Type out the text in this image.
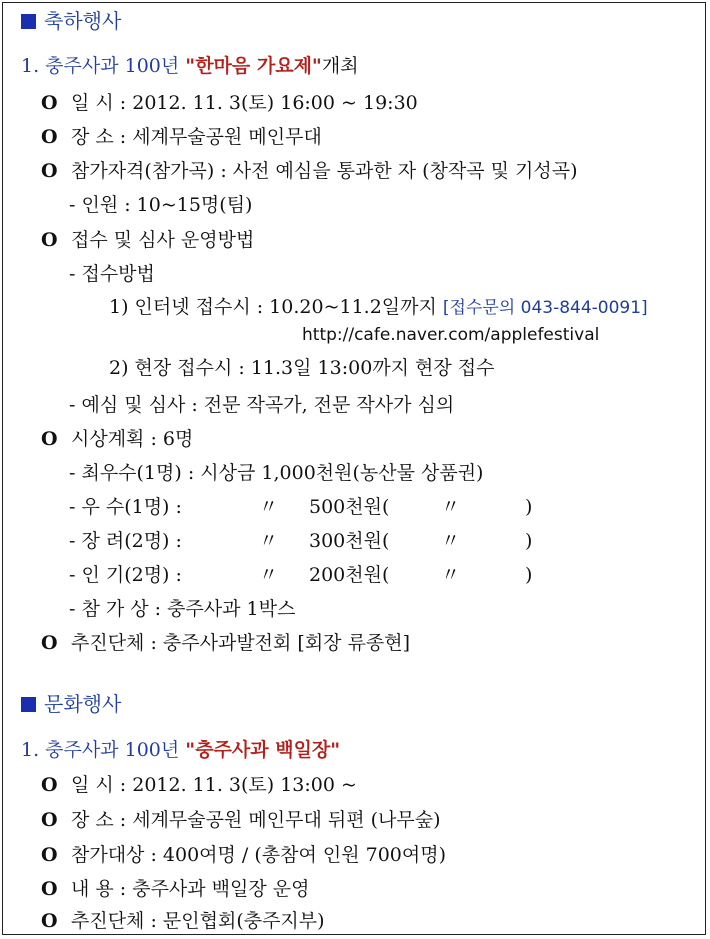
축하행사
1. 충주사과 100년 "한마음 가요제"개최
O 일 시 : 2012. 11. 3(토) 16:00 ~ 19:30
O 장 소 : 세계무술공원 메인무대
O 참가자격(참가곡) : 사전 예심을 통과한 자 (창작곡 및 기성곡)
- 인원 : 10~15명(팀)
O 접수 및 심사 운영방법
- 접수방법
1) 인터넷 접수시 : 10.20~11.2일까지 [접수문의 043-844-0091]
http://cafe.naver.com/applefestival
2) 현장 접수시 : 11.3일 13:00까지 현장 접수
- 예심 및 심사 : 전문 작곡가, 전문 작사가 심의
O 시상계획 : 6명
- 최우수(1명) : 시상금 1,000천원(농산물 상품권)
- 우 수(1명) :	〃 500천원(	〃	)
- 장 려(2명) :	〃 300천원(	〃	)
- 인 기(2명) :	〃 200천원(	〃	)
- 참 가 상 : 충주사과 1박스
O 추진단체 : 충주사과발전회 [회장 류종현]
문화행사
1. 충주사과 100년 "충주사과 백일장"
O 일 시 : 2012. 11. 3(토) 13:00 ~
O 장 소 : 세계무술공원 메인무대 뒤편 (나무숲)
O 참가대상 : 400여명 / (총참여 인원 700여명)
O 내 용 : 충주사과 백일장 운영
O 추진단체 : 문인협회(충주지부)
